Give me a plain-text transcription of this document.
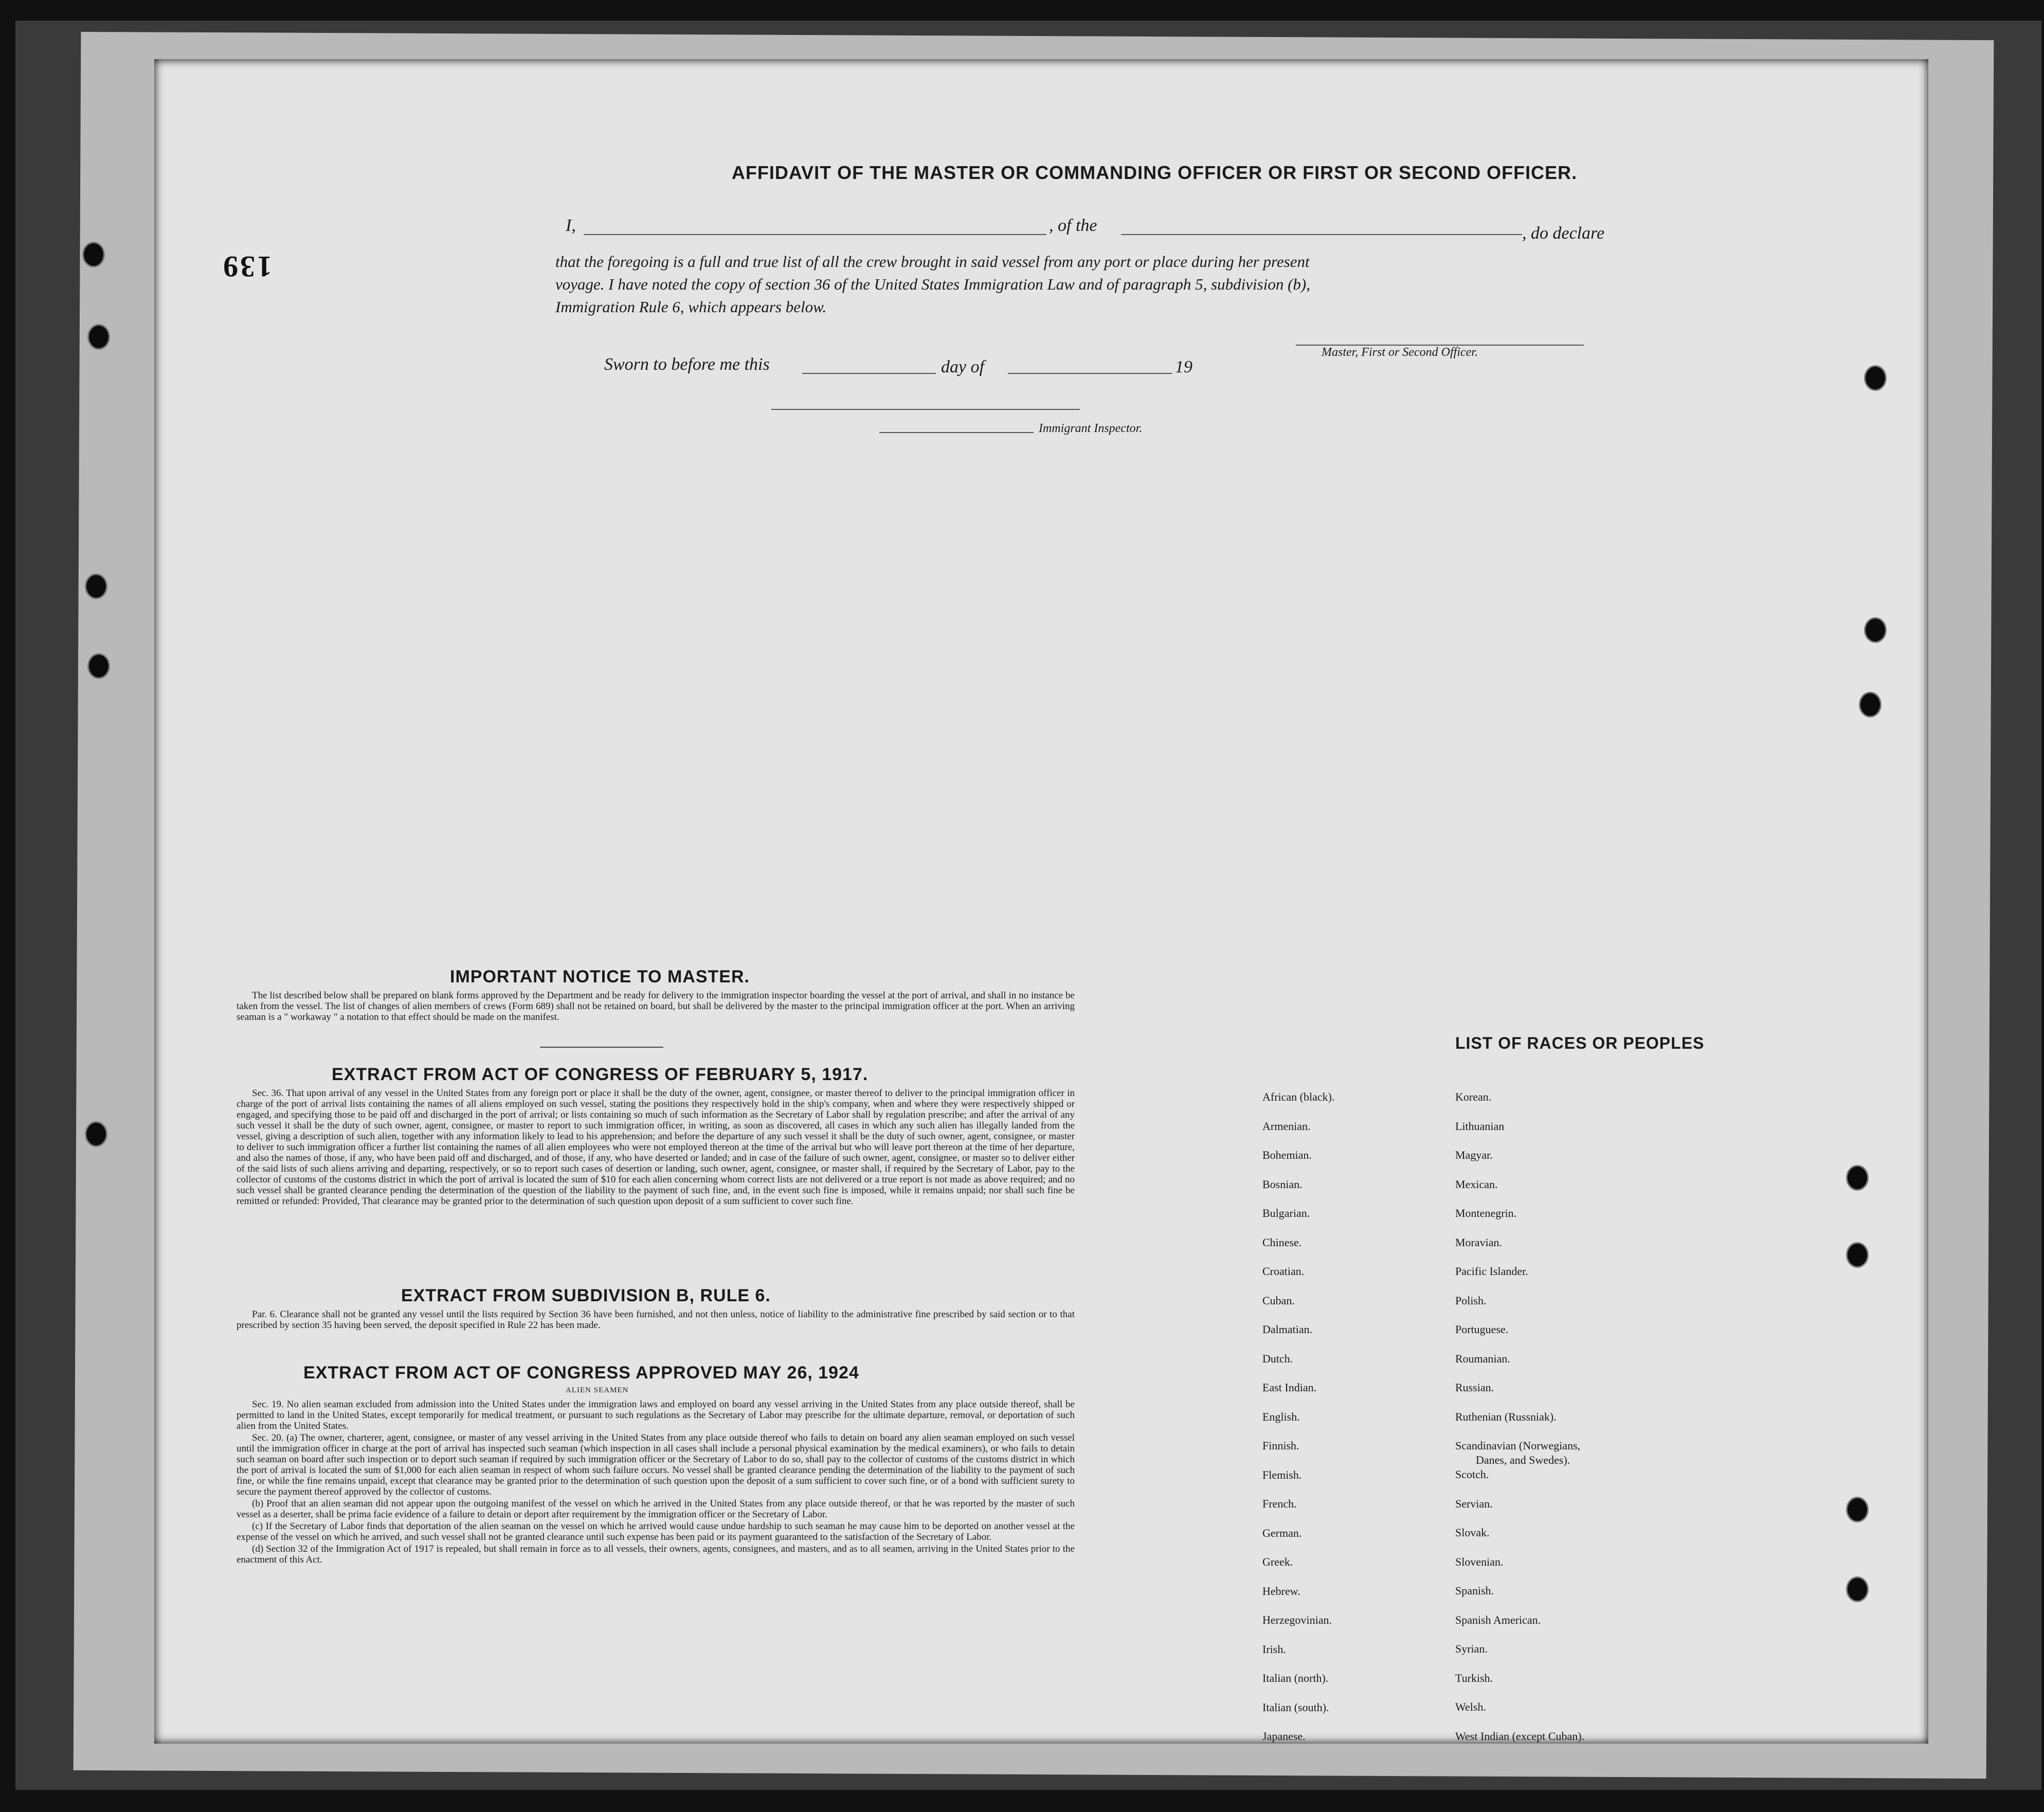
139
AFFIDAVIT OF THE MASTER OR COMMANDING OFFICER OR FIRST OR SECOND OFFICER.
I,	, of the	, do declare

that the foregoing is a full and true list of all the crew brought in said vessel from any port or place during her present

voyage. I have noted the copy of section 36 of the United States Immigration Law and of paragraph 5, subdivision (b),

Immigration Rule 6, which appears below.

Master, First or Second Officer.
Sworn to before me this	day of	19
Immigrant Inspector.
IMPORTANT NOTICE TO MASTER.

The list described below shall be prepared on blank forms approved by the Department and be ready for delivery to the immigration inspector boarding the vessel at the port of arrival, and shall in no instance be taken from the vessel. The list of changes of alien members of crews (Form 689) shall not be retained on board, but shall be delivered by the master to the principal immigration officer at the port. When an arriving seaman is a " workaway " a notation to that effect should be made on the manifest.

EXTRACT FROM ACT OF CONGRESS OF FEBRUARY 5, 1917.

Sec. 36. That upon arrival of any vessel in the United States from any foreign port or place it shall be the duty of the owner, agent, consignee, or master thereof to deliver to the principal immigration officer in charge of the port of arrival lists containing the names of all aliens employed on such vessel, stating the positions they respectively hold in the ship's company, when and where they were respectively shipped or engaged, and specifying those to be paid off and discharged in the port of arrival; or lists containing so much of such information as the Secretary of Labor shall by regulation prescribe; and after the arrival of any such vessel it shall be the duty of such owner, agent, consignee, or master to report to such immigration officer, in writing, as soon as discovered, all cases in which any such alien has illegally landed from the vessel, giving a description of such alien, together with any information likely to lead to his apprehension; and before the departure of any such vessel it shall be the duty of such owner, agent, consignee, or master to deliver to such immigration officer a further list containing the names of all alien employees who were not employed thereon at the time of the arrival but who will leave port thereon at the time of her departure, and also the names of those, if any, who have been paid off and discharged, and of those, if any, who have deserted or landed; and in case of the failure of such owner, agent, consignee, or master so to deliver either of the said lists of such aliens arriving and departing, respectively, or so to report such cases of desertion or landing, such owner, agent, consignee, or master shall, if required by the Secretary of Labor, pay to the collector of customs of the customs district in which the port of arrival is located the sum of $10 for each alien concerning whom correct lists are not delivered or a true report is not made as above required; and no such vessel shall be granted clearance pending the determination of the question of the liability to the payment of such fine, and, in the event such fine is imposed, while it remains unpaid; nor shall such fine be remitted or refunded: Provided, That clearance may be granted prior to the determination of such question upon deposit of a sum sufficient to cover such fine.

EXTRACT FROM SUBDIVISION B, RULE 6.

Par. 6. Clearance shall not be granted any vessel until the lists required by Section 36 have been furnished, and not then unless, notice of liability to the administrative fine prescribed by said section or to that prescribed by section 35 having been served, the deposit specified in Rule 22 has been made.

EXTRACT FROM ACT OF CONGRESS APPROVED MAY 26, 1924
ALIEN SEAMEN

Sec. 19. No alien seaman excluded from admission into the United States under the immigration laws and employed on board any vessel arriving in the United States from any place outside thereof, shall be permitted to land in the United States, except temporarily for medical treatment, or pursuant to such regulations as the Secretary of Labor may prescribe for the ultimate departure, removal, or deportation of such alien from the United States.

Sec. 20. (a) The owner, charterer, agent, consignee, or master of any vessel arriving in the United States from any place outside thereof who fails to detain on board any alien seaman employed on such vessel until the immigration officer in charge at the port of arrival has inspected such seaman (which inspection in all cases shall include a personal physical examination by the medical examiners), or who fails to detain such seaman on board after such inspection or to deport such seaman if required by such immigration officer or the Secretary of Labor to do so, shall pay to the collector of customs of the customs district in which the port of arrival is located the sum of $1,000 for each alien seaman in respect of whom such failure occurs. No vessel shall be granted clearance pending the determination of the liability to the payment of such fine, or while the fine remains unpaid, except that clearance may be granted prior to the determination of such question upon the deposit of a sum sufficient to cover such fine, or of a bond with sufficient surety to secure the payment thereof approved by the collector of customs.

(b) Proof that an alien seaman did not appear upon the outgoing manifest of the vessel on which he arrived in the United States from any place outside thereof, or that he was reported by the master of such vessel as a deserter, shall be prima facie evidence of a failure to detain or deport after requirement by the immigration officer or the Secretary of Labor.

(c) If the Secretary of Labor finds that deportation of the alien seaman on the vessel on which he arrived would cause undue hardship to such seaman he may cause him to be deported on another vessel at the expense of the vessel on which he arrived, and such vessel shall not be granted clearance until such expense has been paid or its payment guaranteed to the satisfaction of the Secretary of Labor.

(d) Section 32 of the Immigration Act of 1917 is repealed, but shall remain in force as to all vessels, their owners, agents, consignees, and masters, and as to all seamen, arriving in the United States prior to the enactment of this Act.

LIST OF RACES OR PEOPLES
African (black).
Armenian.
Bohemian.
Bosnian.
Bulgarian.
Chinese.
Croatian.
Cuban.
Dalmatian.
Dutch.
East Indian.
English.
Finnish.
Flemish.
French.
German.
Greek.
Hebrew.
Herzegovinian.
Irish.
Italian (north).
Italian (south).
Japanese.
Korean.
Lithuanian
Magyar.
Mexican.
Montenegrin.
Moravian.
Pacific Islander.
Polish.
Portuguese.
Roumanian.
Russian.
Ruthenian (Russniak).
Scandinavian (Norwegians,
Danes, and Swedes).
Scotch.
Servian.
Slovak.
Slovenian.
Spanish.
Spanish American.
Syrian.
Turkish.
Welsh.
West Indian (except Cuban).
